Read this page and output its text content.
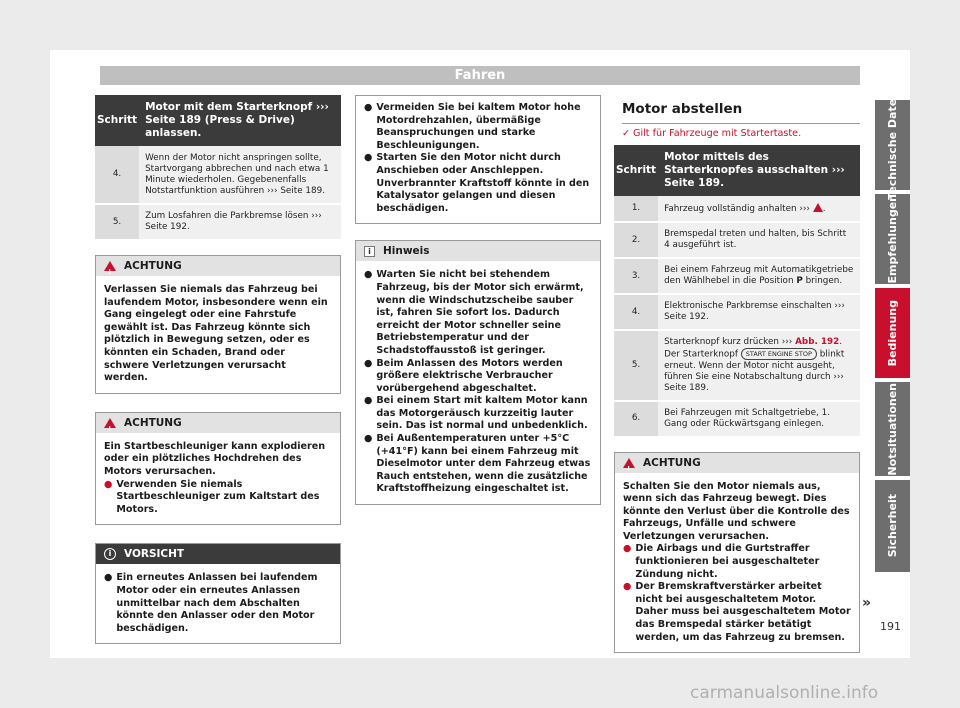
Fahren
Schritt	Motor mit dem Starterknopf ››› Seite 189 (Press & Drive) anlassen.
4.	Wenn der Motor nicht anspringen sollte, Startvorgang abbrechen und nach etwa 1 Minute wiederholen. Gegebenenfalls Notstartfunktion ausführen ››› Seite 189.
5.	Zum Losfahren die Parkbremse lösen ››› Seite 192.
!
ACHTUNG

Verlassen Sie niemals das Fahrzeug bei laufendem Motor, insbesondere wenn ein Gang eingelegt oder eine Fahrstufe gewählt ist. Das Fahrzeug könnte sich plötzlich in Bewegung setzen, oder es könnten ein Schaden, Brand oder schwere Verletzungen verursacht werden.

!
ACHTUNG

Ein Startbeschleuniger kann explodieren oder ein plötzliches Hochdrehen des Motors verursachen.

● Verwenden Sie niemals Startbeschleuniger zum Kaltstart des Motors.
i	VORSICHT
● Ein erneutes Anlassen bei laufendem Motor oder ein erneutes Anlassen unmittelbar nach dem Abschalten könnte den Anlasser oder den Motor beschädigen.
● Vermeiden Sie bei kaltem Motor hohe Motordrehzahlen, übermäßige Beanspruchungen und starke Beschleunigungen.
● Starten Sie den Motor nicht durch Anschieben oder Anschleppen. Unverbrannter Kraftstoff könnte in den Katalysator gelangen und diesen beschädigen.
i	Hinweis
● Warten Sie nicht bei stehendem Fahrzeug, bis der Motor sich erwärmt, wenn die Windschutzscheibe sauber ist, fahren Sie sofort los. Dadurch erreicht der Motor schneller seine Betriebstemperatur und der Schadstoffausstoß ist geringer.
● Beim Anlassen des Motors werden größere elektrische Verbraucher vorübergehend abgeschaltet.
● Bei einem Start mit kaltem Motor kann das Motorgeräusch kurzzeitig lauter sein. Das ist normal und unbedenklich.
● Bei Außentemperaturen unter +5°C (+41°F) kann bei einem Fahrzeug mit Dieselmotor unter dem Fahrzeug etwas Rauch entstehen, wenn die zusätzliche Kraftstoffheizung eingeschaltet ist.
Motor abstellen
✓ Gilt für Fahrzeuge mit Startertaste.
Schritt	Motor mittels des Starterknopfes ausschalten ››› Seite 189.
1.	Fahrzeug vollständig anhalten ››› .
2.	Bremspedal treten und halten, bis Schritt 4 ausgeführt ist.
3.	Bei einem Fahrzeug mit Automatikgetriebe den Wählhebel in die Position P bringen.
4.	Elektronische Parkbremse einschalten ››› Seite 192.
5.	Starterknopf kurz drücken ››› Abb. 192. Der Starterknopf START ENGINE STOP blinkt erneut. Wenn der Motor nicht ausgeht, führen Sie eine Notabschaltung durch ››› Seite 189.
6.	Bei Fahrzeugen mit Schaltgetriebe, 1. Gang oder Rückwärtsgang einlegen.
!
ACHTUNG

Schalten Sie den Motor niemals aus, wenn sich das Fahrzeug bewegt. Dies könnte den Verlust über die Kontrolle des Fahrzeugs, Unfälle und schwere Verletzungen verursachen.

● Die Airbags und die Gurtstraffer funktionieren bei ausgeschalteter Zündung nicht.
● Der Bremskraftverstärker arbeitet nicht bei ausgeschaltetem Motor. Daher muss bei ausgeschaltetem Motor das Bremspedal stärker betätigt werden, um das Fahrzeug zu bremsen.
»
Technische Daten
Empfehlungen
Bedienung
Notsituationen
Sicherheit
191
carmanualsonline.info
